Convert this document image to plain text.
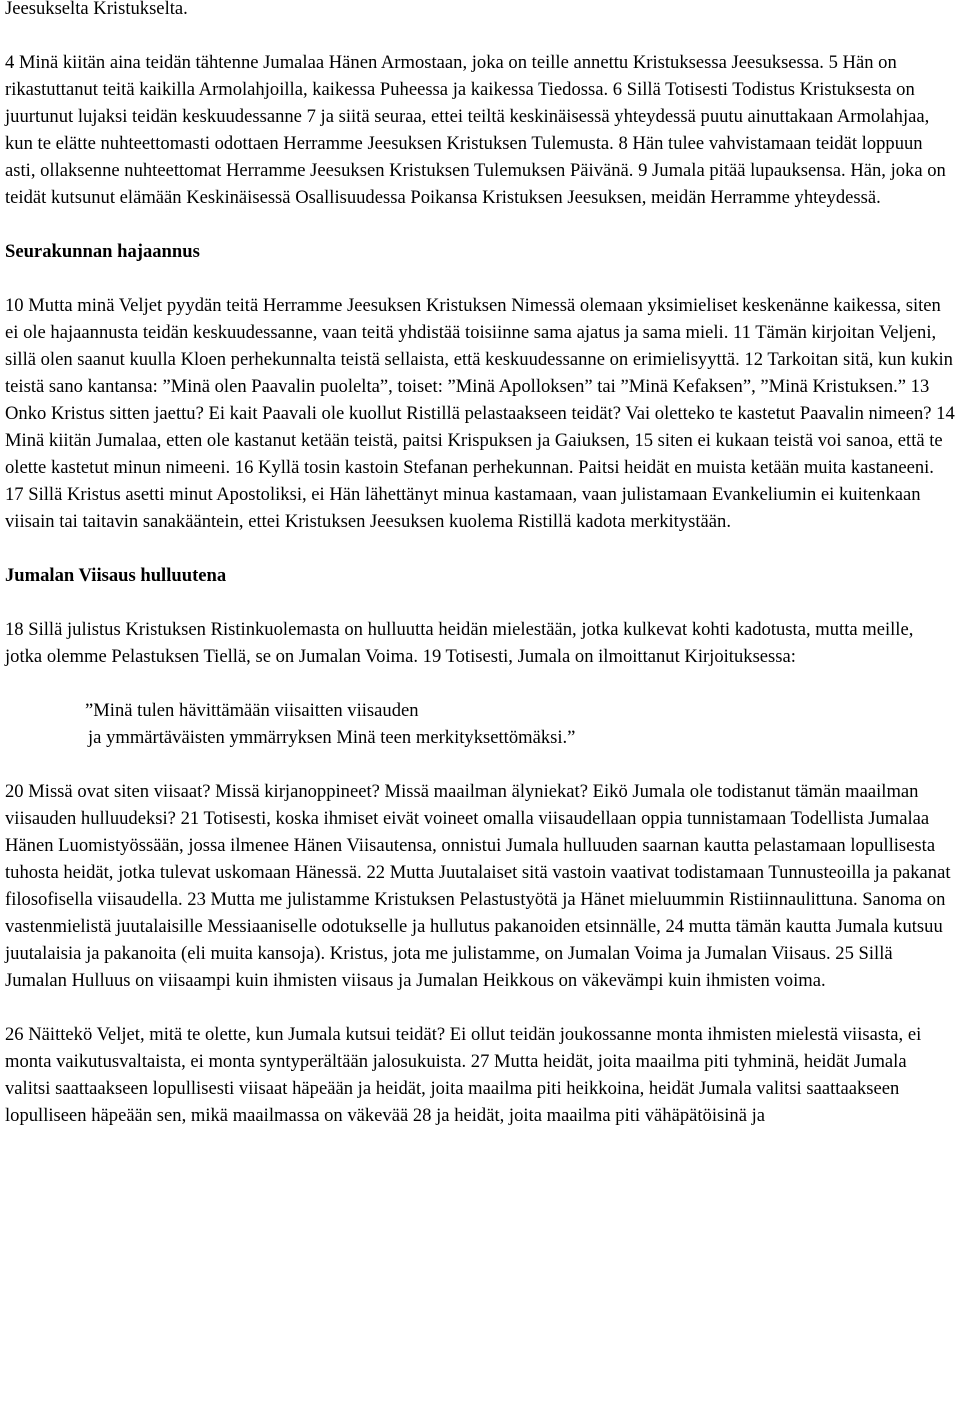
Jeesukselta Kristukselta.

4 Minä kiitän aina teidän tähtenne Jumalaa Hänen Armostaan, joka on teille annettu Kristuksessa Jeesuksessa. 5 Hän on rikastuttanut teitä kaikilla Armolahjoilla, kaikessa Puheessa ja kaikessa Tiedossa. 6 Sillä Totisesti Todistus Kristuksesta on juurtunut lujaksi teidän keskuudessanne 7 ja siitä seuraa, ettei teiltä keskinäisessä yhteydessä puutu ainuttakaan Armolahjaa, kun te elätte nuhteettomasti odottaen Herramme Jeesuksen Kristuksen Tulemusta. 8 Hän tulee vahvistamaan teidät loppuun asti, ollaksenne nuhteettomat Herramme Jeesuksen Kristuksen Tulemuksen Päivänä. 9 Jumala pitää lupauksensa. Hän, joka on teidät kutsunut elämään Keskinäisessä Osallisuudessa Poikansa Kristuksen Jeesuksen, meidän Herramme yhteydessä.

Seurakunnan hajaannus

10 Mutta minä Veljet pyydän teitä Herramme Jeesuksen Kristuksen Nimessä olemaan yksimieliset keskenänne kaikessa, siten ei ole hajaannusta teidän keskuudessanne, vaan teitä yhdistää toisiinne sama ajatus ja sama mieli. 11 Tämän kirjoitan Veljeni, sillä olen saanut kuulla Kloen perhekunnalta teistä sellaista, että keskuudessanne on erimielisyyttä. 12 Tarkoitan sitä, kun kukin teistä sano kantansa: ”Minä olen Paavalin puolelta”, toiset: ”Minä Apolloksen” tai ”Minä Kefaksen”, ”Minä Kristuksen.” 13 Onko Kristus sitten jaettu? Ei kait Paavali ole kuollut Ristillä pelastaakseen teidät? Vai oletteko te kastetut Paavalin nimeen? 14 Minä kiitän Jumalaa, etten ole kastanut ketään teistä, paitsi Krispuksen ja Gaiuksen, 15 siten ei kukaan teistä voi sanoa, että te olette kastetut minun nimeeni. 16 Kyllä tosin kastoin Stefanan perhekunnan. Paitsi heidät en muista ketään muita kastaneeni. 17 Sillä Kristus asetti minut Apostoliksi, ei Hän lähettänyt minua kastamaan, vaan julistamaan Evankeliumin ei kuitenkaan viisain tai taitavin sanakääntein, ettei Kristuksen Jeesuksen kuolema Ristillä kadota merkitystään.

Jumalan Viisaus hulluutena

18 Sillä julistus Kristuksen Ristinkuolemasta on hulluutta heidän mielestään, jotka kulkevat kohti kadotusta, mutta meille, jotka olemme Pelastuksen Tiellä, se on Jumalan Voima. 19 Totisesti, Jumala on ilmoittanut Kirjoituksessa:

”Minä tulen hävittämään viisaitten viisauden
ja ymmärtäväisten ymmärryksen Minä teen merkityksettömäksi.”

20 Missä ovat siten viisaat? Missä kirjanoppineet? Missä maailman älyniekat? Eikö Jumala ole todistanut tämän maailman viisauden hulluudeksi? 21 Totisesti, koska ihmiset eivät voineet omalla viisaudellaan oppia tunnistamaan Todellista Jumalaa Hänen Luomistyössään, jossa ilmenee Hänen Viisautensa, onnistui Jumala hulluuden saarnan kautta pelastamaan lopullisesta tuhosta heidät, jotka tulevat uskomaan Hänessä. 22 Mutta Juutalaiset sitä vastoin vaativat todistamaan Tunnusteoilla ja pakanat filosofisella viisaudella. 23 Mutta me julistamme Kristuksen Pelastustyötä ja Hänet mieluummin Ristiinnaulittuna. Sanoma on vastenmielistä juutalaisille Messiaaniselle odotukselle ja hullutus pakanoiden etsinnälle, 24 mutta tämän kautta Jumala kutsuu juutalaisia ja pakanoita (eli muita kansoja). Kristus, jota me julistamme, on Jumalan Voima ja Jumalan Viisaus. 25 Sillä Jumalan Hulluus on viisaampi kuin ihmisten viisaus ja Jumalan Heikkous on väkevämpi kuin ihmisten voima.

26 Näittekö Veljet, mitä te olette, kun Jumala kutsui teidät? Ei ollut teidän joukossanne monta ihmisten mielestä viisasta, ei monta vaikutusvaltaista, ei monta syntyperältään jalosukuista. 27 Mutta heidät, joita maailma piti tyhminä, heidät Jumala valitsi saattaakseen lopullisesti viisaat häpeään ja heidät, joita maailma piti heikkoina, heidät Jumala valitsi saattaakseen lopulliseen häpeään sen, mikä maailmassa on väkevää 28 ja heidät, joita maailma piti vähäpätöisinä ja
